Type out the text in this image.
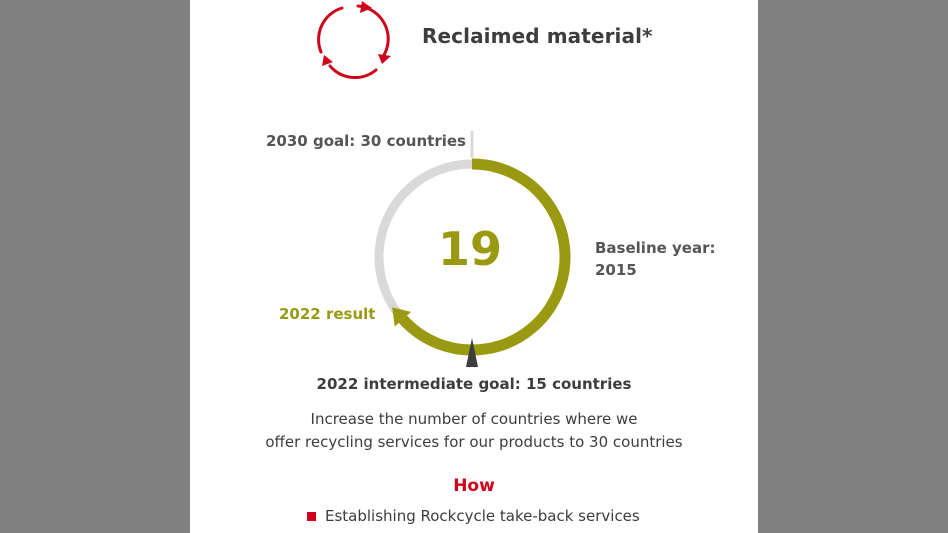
Reclaimed material*
2030 goal: 30 countries
Baseline year:
2015
2022 result
19
2022 intermediate goal: 15 countries
Increase the number of countries where we
offer recycling services for our products to 30 countries
How
Establishing Rockcycle take-back services
